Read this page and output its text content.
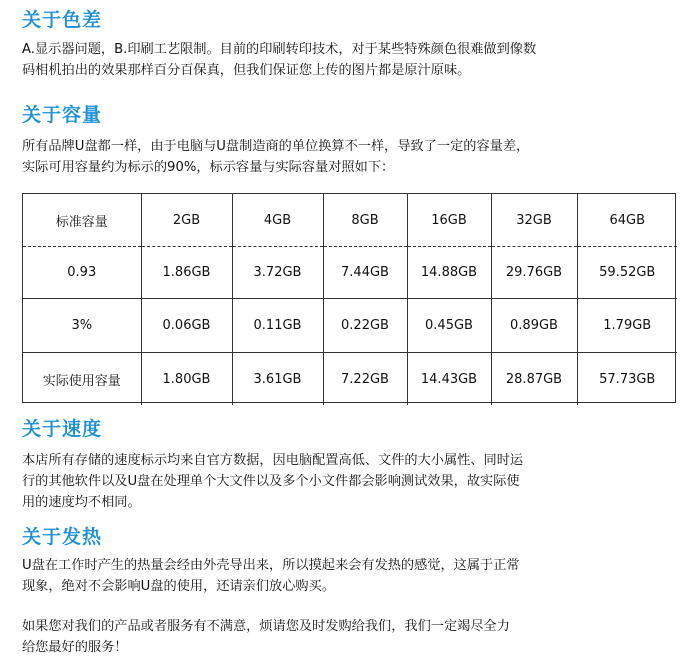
关于色差
A.显示器问题，B.印刷工艺限制。目前的印刷转印技术，对于某些特殊颜色很难做到像数
码相机拍出的效果那样百分百保真，但我们保证您上传的图片都是原汁原味。
关于容量
所有品牌U盘都一样，由于电脑与U盘制造商的单位换算不一样，导致了一定的容量差，
实际可用容量约为标示的90%，标示容量与实际容量对照如下：
标准容量	2GB	4GB	8GB	16GB	32GB	64GB
0.93	1.86GB	3.72GB	7.44GB	14.88GB	29.76GB	59.52GB
3%	0.06GB	0.11GB	0.22GB	0.45GB	0.89GB	1.79GB
实际使用容量	1.80GB	3.61GB	7.22GB	14.43GB	28.87GB	57.73GB
关于速度
本店所有存储的速度标示均来自官方数据，因电脑配置高低、文件的大小属性、同时运
行的其他软件以及U盘在处理单个大文件以及多个小文件都会影响测试效果，故实际使
用的速度均不相同。
关于发热
U盘在工作时产生的热量会经由外壳导出来，所以摸起来会有发热的感觉，这属于正常
现象，绝对不会影响U盘的使用，还请亲们放心购买。
如果您对我们的产品或者服务有不满意，烦请您及时发购给我们，我们一定竭尽全力
给您最好的服务！
